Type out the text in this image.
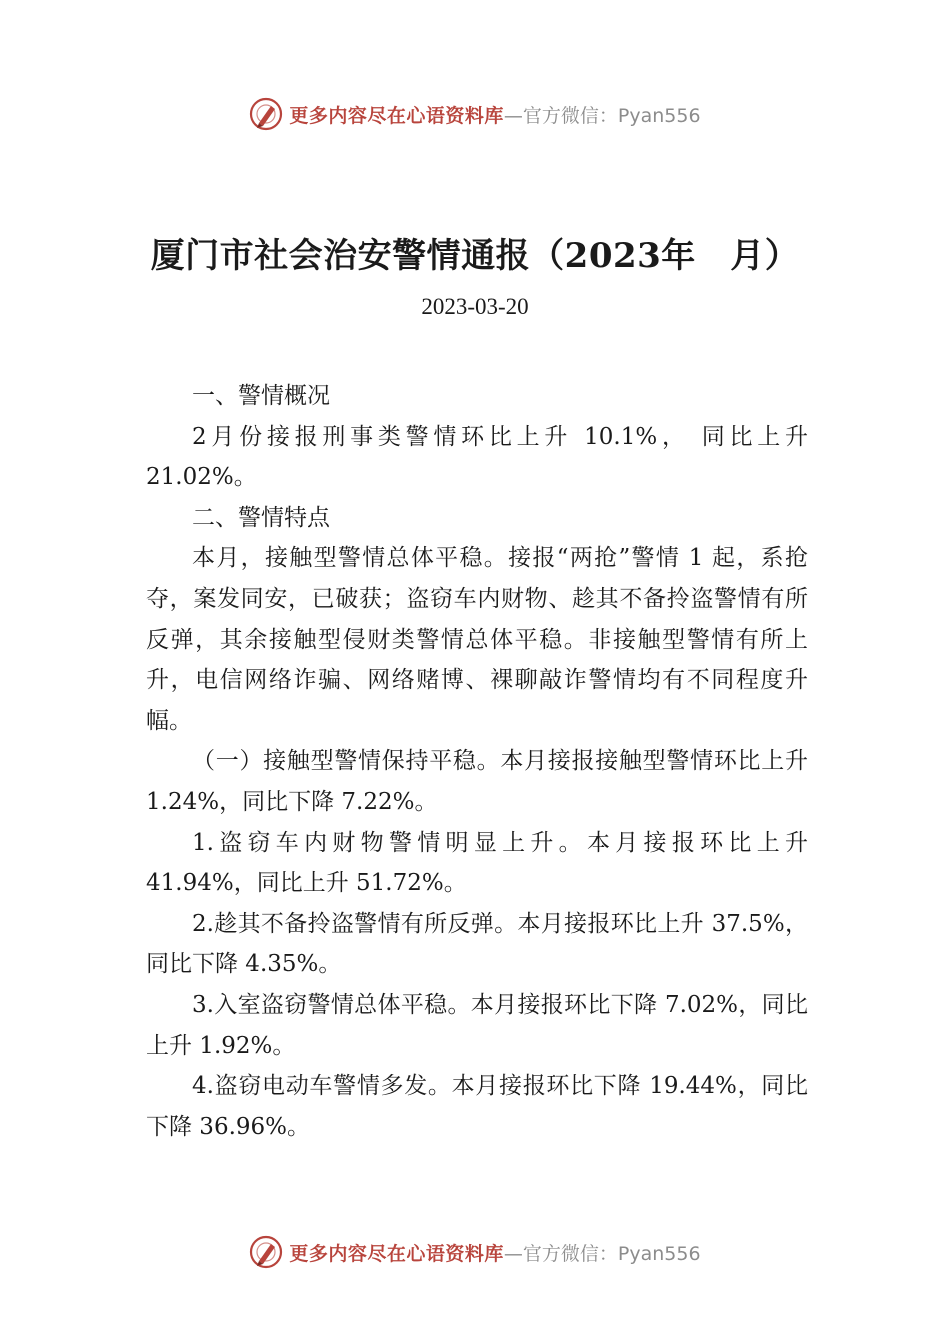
更多内容尽在心语资料库 —官方微信：Pyan556
厦门市社会治安警情通报（2023年　月）
2023-03-20

一、警情概况

2月份接报刑事类警情环比上升 10.1%， 同比上升 21.02%。

二、警情特点

本月，接触型警情总体平稳。接报“两抢”警情 1 起，系抢夺，案发同安，已破获；盗窃车内财物、趁其不备拎盗警情有所反弹，其余接触型侵财类警情总体平稳。非接触型警情有所上升，电信网络诈骗、网络赌博、裸聊敲诈警情均有不同程度升幅。

（一）接触型警情保持平稳。本月接报接触型警情环比上升 1.24%，同比下降 7.22%。

1.盗窃车内财物警情明显上升。本月接报环比上升 41.94%，同比上升 51.72%。

2.趁其不备拎盗警情有所反弹。本月接报环比上升 37.5%，同比下降 4.35%。

3.入室盗窃警情总体平稳。本月接报环比下降 7.02%，同比上升 1.92%。

4.盗窃电动车警情多发。本月接报环比下降 19.44%，同比下降 36.96%。

更多内容尽在心语资料库 —官方微信：Pyan556
